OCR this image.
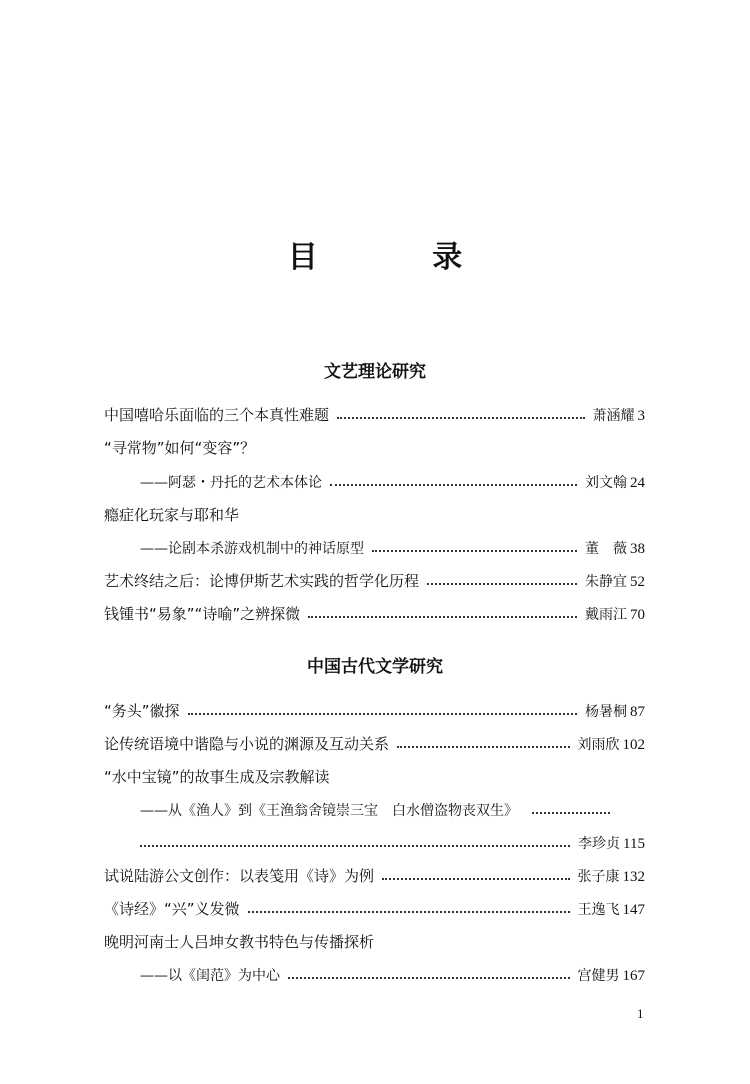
目 录
文艺理论研究
中国嘻哈乐面临的三个本真性难题	萧涵耀 3
“寻常物”如何“变容”？
——阿瑟・丹托的艺术本体论	刘文翰 24
瘾症化玩家与耶和华
——论剧本杀游戏机制中的神话原型	董　薇 38
艺术终结之后：论博伊斯艺术实践的哲学化历程	朱静宜 52
钱锺书“易象”“诗喻”之辨探微	戴雨江 70
中国古代文学研究
“务头”徽探	杨暑桐 87
论传统语境中谐隐与小说的渊源及互动关系	刘雨欣 102
“水中宝镜”的故事生成及宗教解读
——从《渔人》到《王渔翁舍镜崇三宝　白水僧盗物丧双生》
李珍贞 115
试说陆游公文创作：以表笺用《诗》为例	张子康 132
《诗经》“兴”义发微	王逸飞 147
晚明河南士人吕坤女教书特色与传播探析
——以《闺范》为中心	宫健男 167
1
